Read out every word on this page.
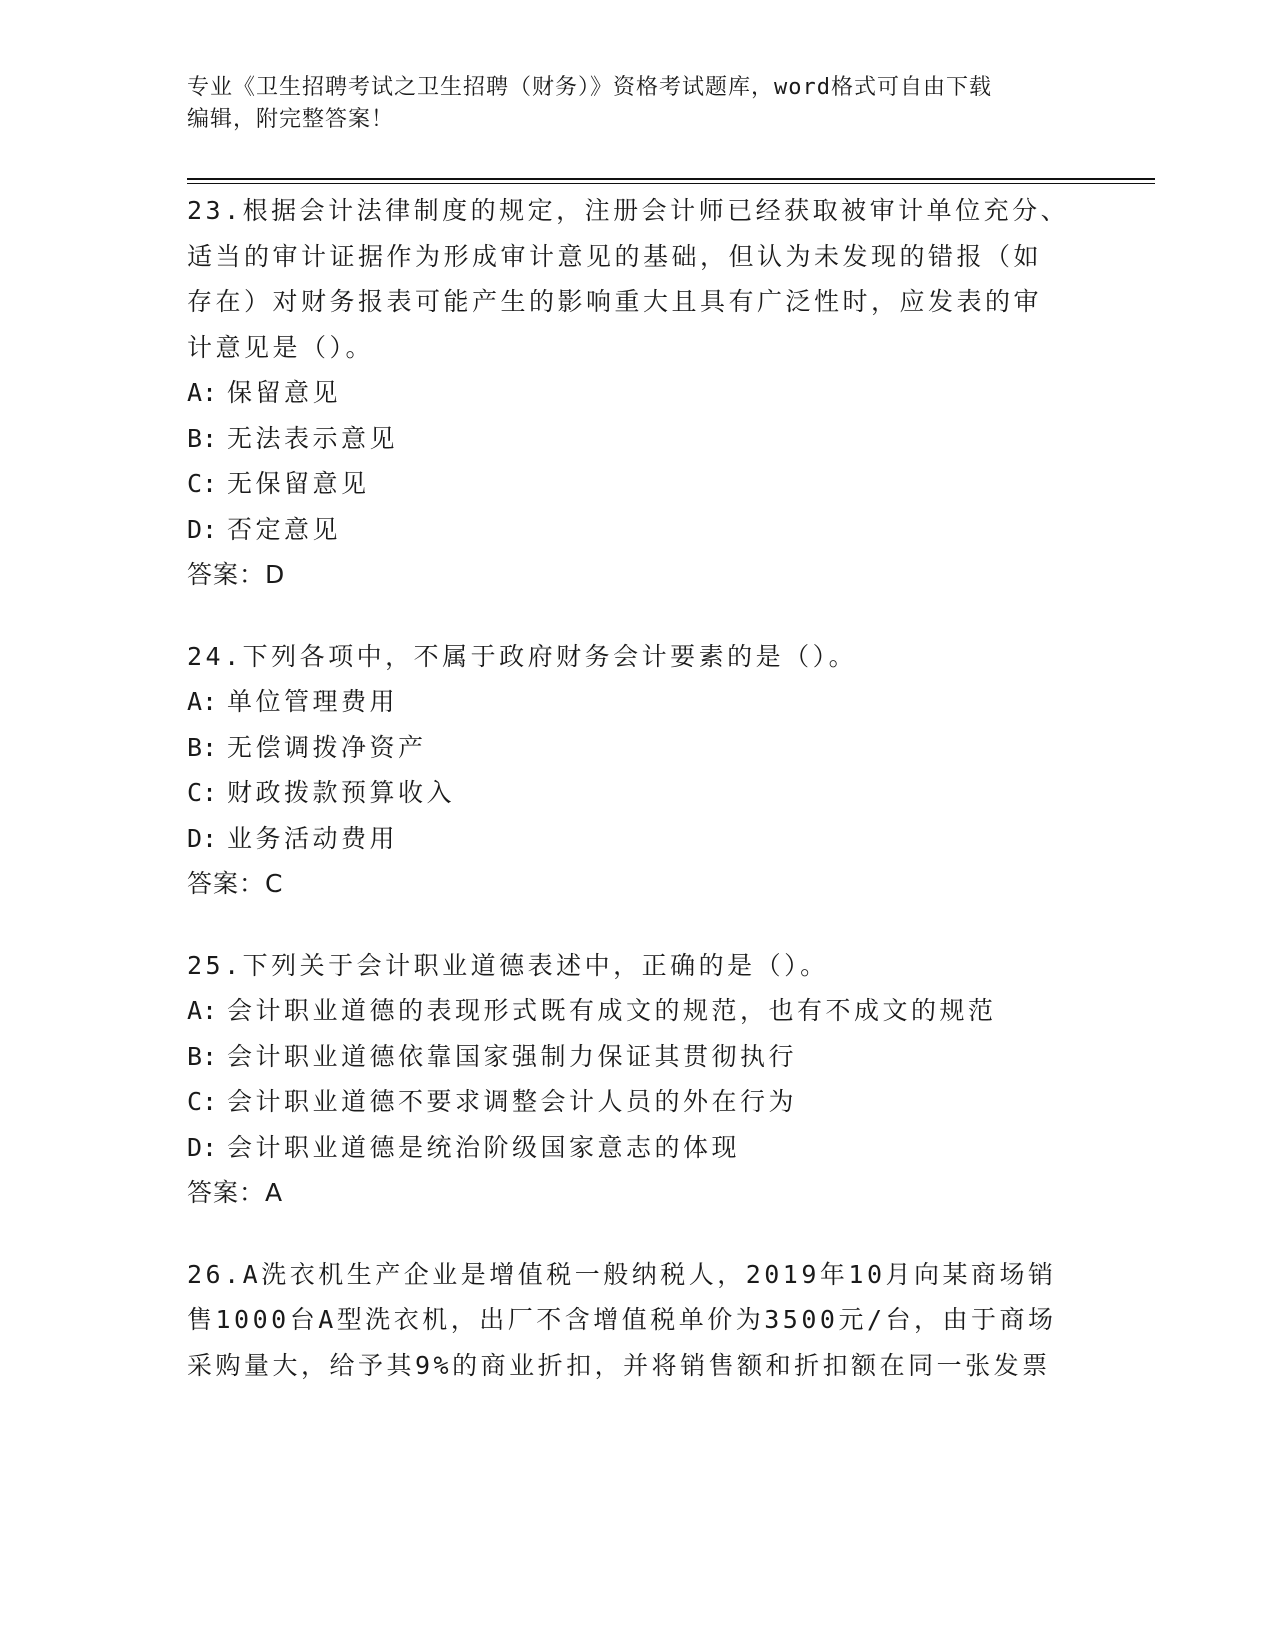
专业《卫生招聘考试之卫生招聘（财务）》资格考试题库，word格式可自由下载
编辑，附完整答案！
23.根据会计法律制度的规定，注册会计师已经获取被审计单位充分、
适当的审计证据作为形成审计意见的基础，但认为未发现的错报（如
存在）对财务报表可能产生的影响重大且具有广泛性时，应发表的审
计意见是（）。
A: 保留意见
B: 无法表示意见
C: 无保留意见
D: 否定意见
答案：D
24.下列各项中，不属于政府财务会计要素的是（）。
A: 单位管理费用
B: 无偿调拨净资产
C: 财政拨款预算收入
D: 业务活动费用
答案：C
25.下列关于会计职业道德表述中，正确的是（）。
A: 会计职业道德的表现形式既有成文的规范，也有不成文的规范
B: 会计职业道德依靠国家强制力保证其贯彻执行
C: 会计职业道德不要求调整会计人员的外在行为
D: 会计职业道德是统治阶级国家意志的体现
答案：A
26.A洗衣机生产企业是增值税一般纳税人，2019年10月向某商场销
售1000台A型洗衣机，出厂不含增值税单价为3500元/台，由于商场
采购量大，给予其9%的商业折扣，并将销售额和折扣额在同一张发票
